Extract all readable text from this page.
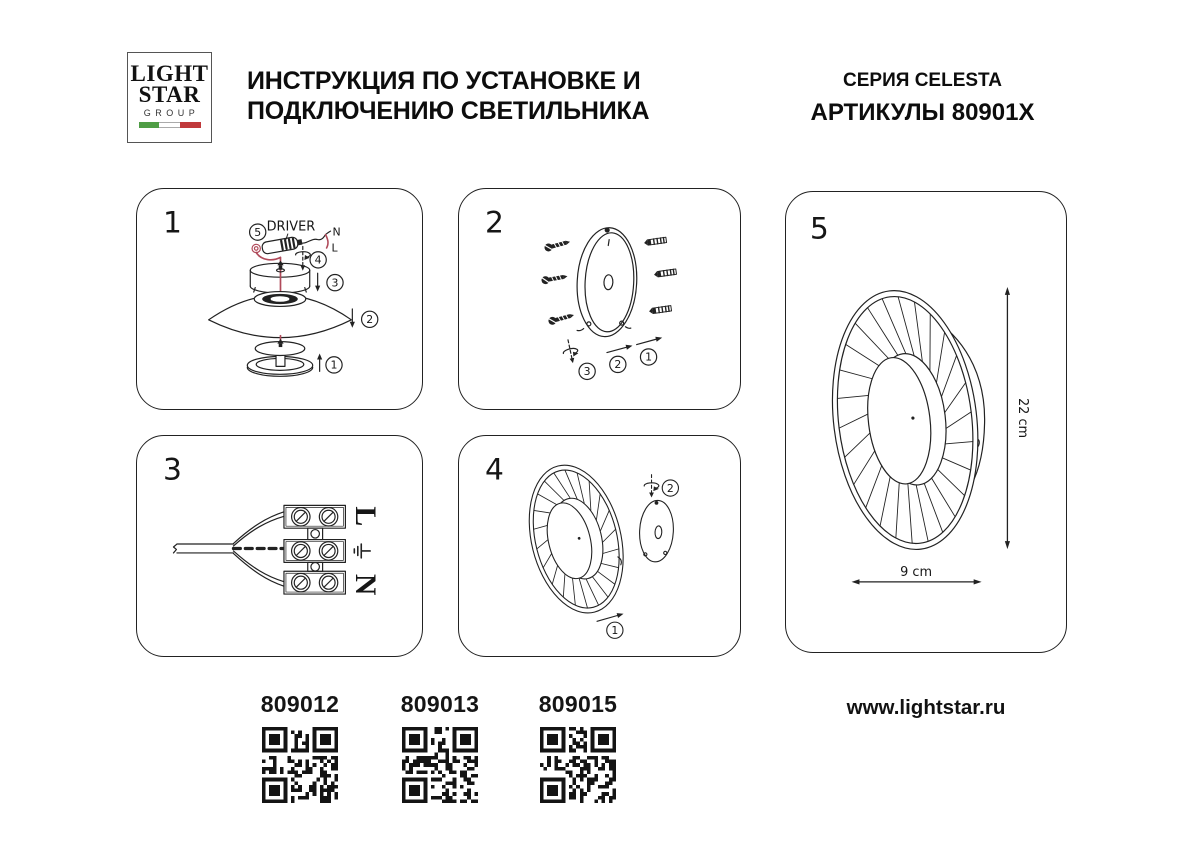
LIGHT
STAR
GROUP
ИНСТРУКЦИЯ ПО УСТАНОВКЕ И
ПОДКЛЮЧЕНИЮ СВЕТИЛЬНИКА
СЕРИЯ CELESTA
АРТИКУЛЫ 80901X
1	DRIVER N
L
5
4
3
2
1
2
3
2
1
3
L
N
4
2
1
5
22 cm
9 cm
809012	809013	809015	www.lightstar.ru
